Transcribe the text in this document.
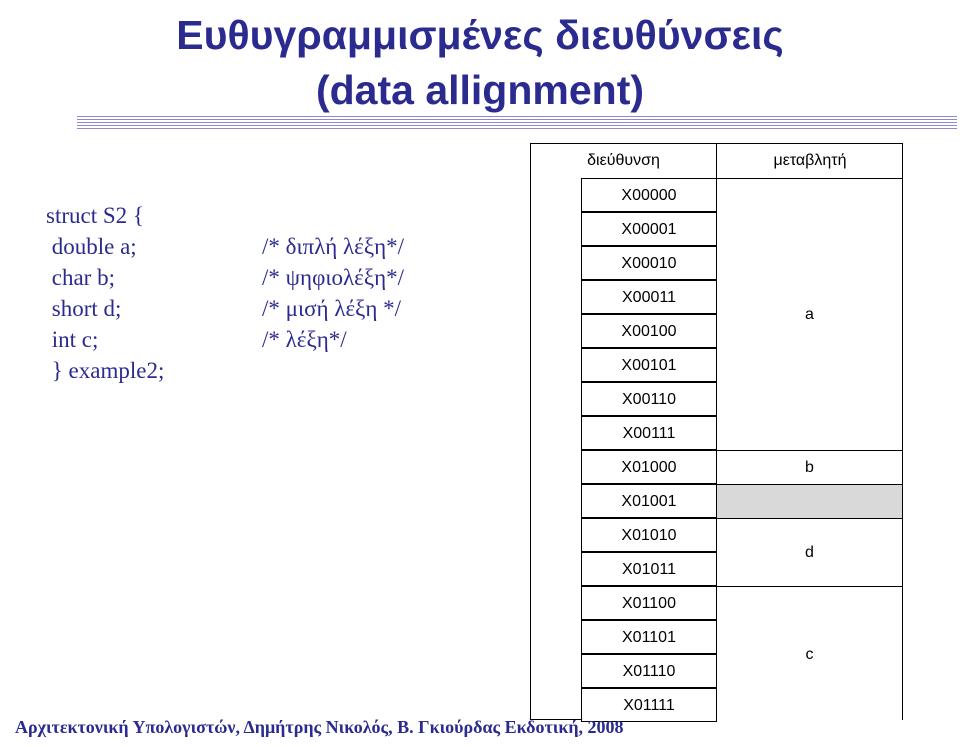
Ευθυγραμμισμένες διευθύνσεις
(data allignment)
struct S2 {
double a;
char b;
short d;
int c;
} example2;
/* διπλή λέξη*/
/* ψηφιολέξη*/
/* μισή λέξη */
/* λέξη*/
διεύθυνση	μεταβλητή
X00000
X00001
X00010
X00011
X00100
X00101
X00110
X00111
X01000
X01001
X01010
X01011
X01100
X01101
X01110
X01111
a
b
d
c
Αρχιτεκτονική Υπολογιστών, Δημήτρης Νικολός, Β. Γκιούρδας Εκδοτική, 2008
